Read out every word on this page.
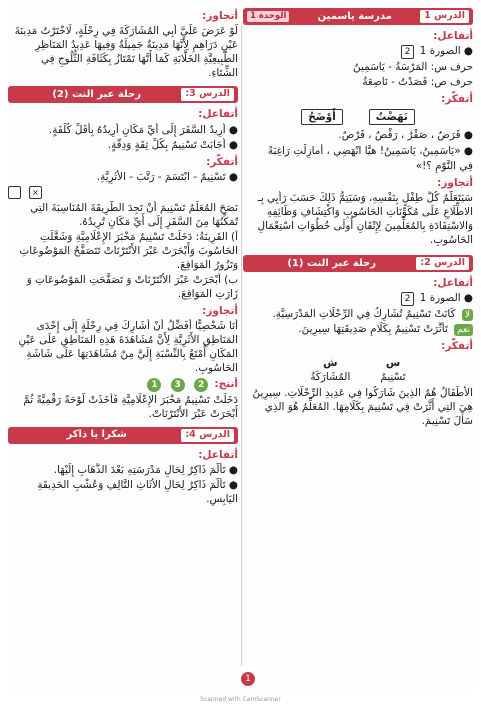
الدرس 1
مدرسة ياسمين
الوحدة 1
أتفاعل:
● الصورة 1 2
حرف س: المَرْسَةُ - يَاسَمِينُ
حرف ص: قَصَدْتُ - نَاصِعَةُ
أتفكّر:
نَهَضْتُ
أَوْضَحُ
● قَرَضٌ ، صَقْرٌ ، رَقْصٌ ، قَرْصٌ.
● «يَاسَمِينُ، يَاسَمِينُ! هيَّا انْهَضِي ، أَمازِلْتِ رَاغِبَةً
فِي النَّوْمِ ؟!»
أتجاوز:
سَيَتَعَلَّمُ كُلُّ طِفْلٍ بِنَفْسِهِ، وَسَيَتِمُّ ذَلِكَ حَسَبَ رَأْيِي بِـ الاطِّلَاعِ عَلَى مُكَوِّنَاتِ الحَاسُوبِ وَاكْتِشَافِ وَظَائِفِهِ وَالاسْتِفَادَةِ بِالمُعَلِّمِينَ لِإِتْقَانِ أُولَى خُطُوَاتِ اسْتِعْمَالِ الحَاسُوبِ.
الدرس 2:
رحلة عبر النت (1)
أتفاعل:
● الصورة 1 2
لا كَانَتْ تَسْنِيمُ تُشَارِكُ فِي الرِّحْلَاتِ المَدْرَسِيَّةِ.
نعم تَأَثَّرَتْ تَسْنِيمُ بِكَلَامِ صَدِيقَتِهَا سِيرِينَ.
أتفكّر:
س
تَسْنِيمُ
ش
المُشَارَكَةُ
الأَطْفَالُ هُمُ الذِينَ شَارَكُوا فِي عَدِيدِ الرِّحْلَاتِ. سِيرِينُ هِيَ التِي أَثَّرَتْ فِي تَسْنِيمَ بِكَلَامِهَا. المُعَلِّمُ هُوَ الذِي سَأَلَ تَسْنِيمَ.
أتجاوز:
لَوْ عَرَضَ عَلَيَّ أَبِي المُشَارَكَةَ فِي رِحْلَةٍ، لَاخْتَرْتُ مَدِينَةَ عَيْنِ دَرَاهِمِ لِأَنَّهَا مَدِينَةٌ جَمِيلَةٌ وَفِيهَا عَدِيدُ المَنَاظِرِ الطَّبِيعِيَّةِ الخَلَّابَةِ كَمَا أَنَّهَا تَمْتَازُ بِكَثَافَةِ الثُّلُوجِ فِي الشِّتَاءِ.
الدرس 3:
رحلة عبر النت (2)
أتفاعل:
● أُرِيدُ السَّفَرَ إِلَى أَيِّ مَكَانٍ أُرِيدُهُ بِأَقَلِّ كُلْفَةٍ.
● أَجَابَتْ تَسْنِيمُ بِكُلِّ ثِقَةٍ وَدِقَّةٍ.
أتفكّر:
● تَسْنِيمُ - ابْتَسَمَ - رَتَّبَ - الأَثَرِيَّةِ.
×
نَصَحَ المُعَلِّمُ تَسْنِيمَ أَنْ تَجِدَ الطَّرِيقَةَ المُنَاسِبَةَ التِي تُمَكِّنُهَا مِنَ السَّفَرِ إِلَى أَيِّ مَكَانٍ تُرِيدُهُ.
أ) القَرِينَةُ: دَخَلَتْ تَسْنِيمُ مَخْبَرَ الإِعْلَامِيَّةِ وَشَغَّلَتِ الحَاسُوبَ وَأَبْحَرَتْ عَبْرَ الأَنْتَرْنَاتْ تَتَصَفَّحُ المَوْضُوعَاتِ وَتَزُورُ المَوَاقِعَ.
ب) أَبْحَرَتْ عَبْرَ الأَنْتَرْنَاتْ وَ تَصَفَّحَتِ المَوْضُوعَاتِ وَ زَارَتِ المَوَاقِعَ.
أتجاوز:
أَنَا شَخْصِيًّا أُفَضِّلُ أَنْ أُشَارِكَ فِي رِحْلَةٍ إِلَى إِحْدَى المَنَاطِقِ الأَثَرِيَّةِ لِأَنَّ مُشَاهَدَةَ هَذِهِ المَنَاطِقِ عَلَى عَيْنِ المَكَانِ أَمْتَعُ بِالنِّسْبَةِ إِلَيَّ مِنْ مُشَاهَدَتِهَا عَلَى شَاشَةِ الحَاسُوبِ.
أنتج: 2 3 1
دَخَلَتْ تَسْنِيمُ مَخْبَرَ الإِعْلَامِيَّةِ فَأَخَذَتْ لَوْحَةً رَقْمِيَّةً ثُمَّ أَبْحَرَتْ عَبْرَ الأَنْتَرْنَاتْ.
الدرس 4:
شكرا يا ذاكر
أتفاعل:
● تَأَلَّمَ ذَاكِرٌ لِحَالِ مَدْرَسَتِهِ بَعْدَ الذَّهَابِ إِلَيْهَا.
● تَأَلَّمَ ذَاكِرٌ لِحَالِ الأَثَاثِ التَّالِفِ وَعُشْبِ الحَدِيقَةِ اليَابِسِ.
1
Scanned with CamScanner
